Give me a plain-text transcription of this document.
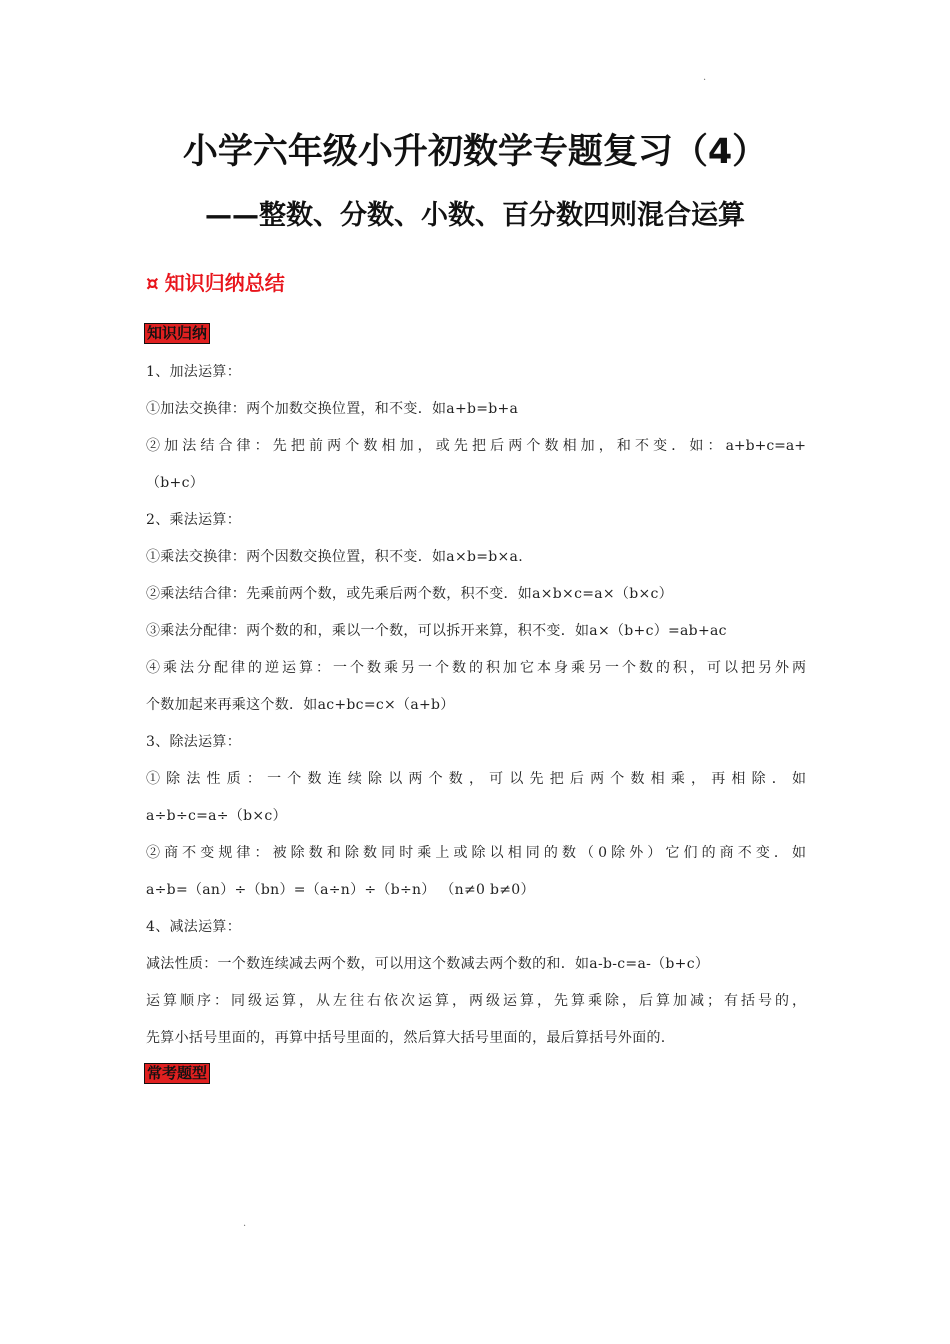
·
小学六年级小升初数学专题复习（4）
——整数、分数、小数、百分数四则混合运算
¤ 知识归纳总结
知识归纳
1、加法运算：
①加法交换律：两个加数交换位置，和不变．如a+b=b+a
②加法结合律：先把前两个数相加，或先把后两个数相加，和不变．如：a+b+c=a+
（b+c）
2、乘法运算：
①乘法交换律：两个因数交换位置，积不变．如a×b=b×a.
②乘法结合律：先乘前两个数，或先乘后两个数，积不变．如a×b×c=a×（b×c）
③乘法分配律：两个数的和，乘以一个数，可以拆开来算，积不变．如a×（b+c）=ab+ac
④乘法分配律的逆运算：一个数乘另一个数的积加它本身乘另一个数的积，可以把另外两
个数加起来再乘这个数．如ac+bc=c×（a+b）
3、除法运算：
①除法性质：一个数连续除以两个数，可以先把后两个数相乘，再相除．如
a÷b÷c=a÷（b×c）
②商不变规律：被除数和除数同时乘上或除以相同的数（0除外）它们的商不变．如
a÷b=（an）÷（bn）=（a÷n）÷（b÷n） （n≠0 b≠0）
4、减法运算：
减法性质：一个数连续减去两个数，可以用这个数减去两个数的和．如a-b-c=a-（b+c）
运算顺序：同级运算，从左往右依次运算，两级运算，先算乘除，后算加减；有括号的，
先算小括号里面的，再算中括号里面的，然后算大括号里面的，最后算括号外面的.
常考题型
·
